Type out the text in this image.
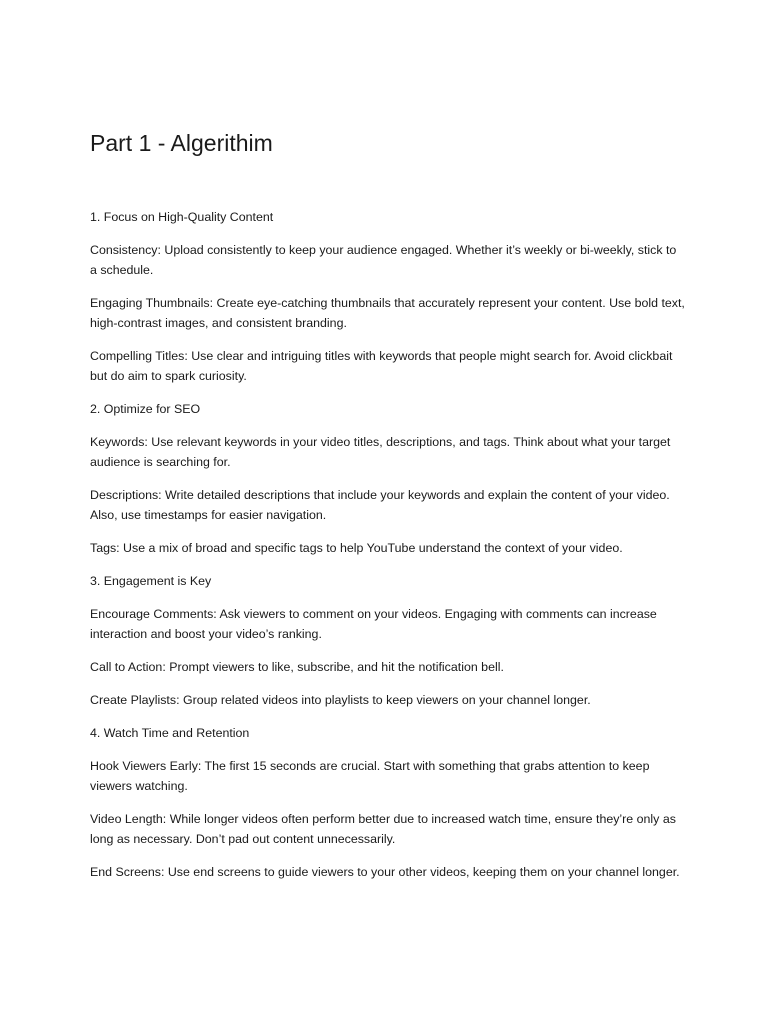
Part 1 - Algerithim

1. Focus on High-Quality Content

Consistency: Upload consistently to keep your audience engaged. Whether it’s weekly or bi-weekly, stick to a schedule.

Engaging Thumbnails: Create eye-catching thumbnails that accurately represent your content. Use bold text, high-contrast images, and consistent branding.

Compelling Titles: Use clear and intriguing titles with keywords that people might search for. Avoid clickbait but do aim to spark curiosity.

2. Optimize for SEO

Keywords: Use relevant keywords in your video titles, descriptions, and tags. Think about what your target audience is searching for.

Descriptions: Write detailed descriptions that include your keywords and explain the content of your video. Also, use timestamps for easier navigation.

Tags: Use a mix of broad and specific tags to help YouTube understand the context of your video.

3. Engagement is Key

Encourage Comments: Ask viewers to comment on your videos. Engaging with comments can increase interaction and boost your video’s ranking.

Call to Action: Prompt viewers to like, subscribe, and hit the notification bell.

Create Playlists: Group related videos into playlists to keep viewers on your channel longer.

4. Watch Time and Retention

Hook Viewers Early: The first 15 seconds are crucial. Start with something that grabs attention to keep viewers watching.

Video Length: While longer videos often perform better due to increased watch time, ensure they’re only as long as necessary. Don’t pad out content unnecessarily.

End Screens: Use end screens to guide viewers to your other videos, keeping them on your channel longer.
